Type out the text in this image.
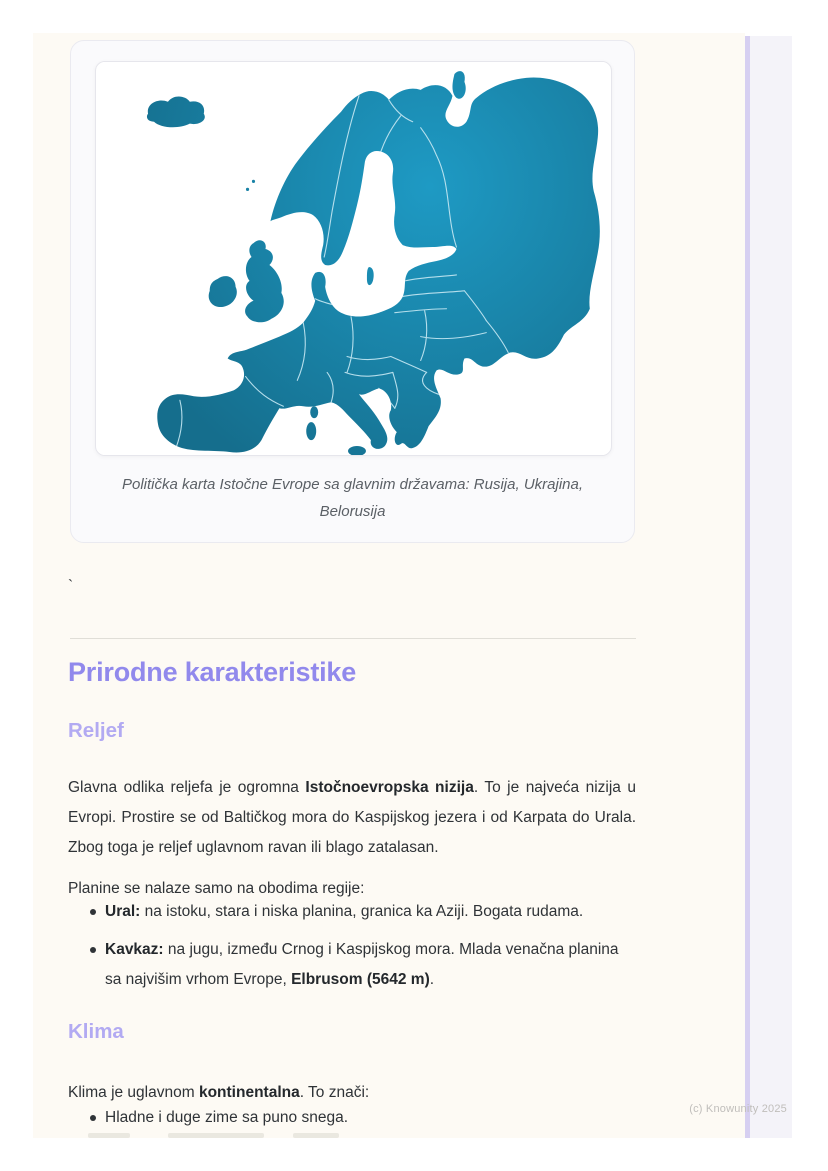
Politička karta Istočne Evrope sa glavnim državama: Rusija, Ukrajina,
Belorusija
`
Prirodne karakteristike
Reljef

Glavna odlika reljefa je ogromna Istočnoevropska nizija. To je najveća nizija u Evropi. Prostire se od Baltičkog mora do Kaspijskog jezera i od Karpata do Urala. Zbog toga je reljef uglavnom ravan ili blago zatalasan.

Planine se nalaze samo na obodima regije:

Ural: na istoku, stara i niska planina, granica ka Aziji. Bogata rudama.
Kavkaz: na jugu, između Crnog i Kaspijskog mora. Mlada venačna planina sa najvišim vrhom Evrope, Elbrusom (5642 m).
Klima

Klima je uglavnom kontinentalna. To znači:

Hladne i duge zime sa puno snega.	(c) Knowunity 2025
